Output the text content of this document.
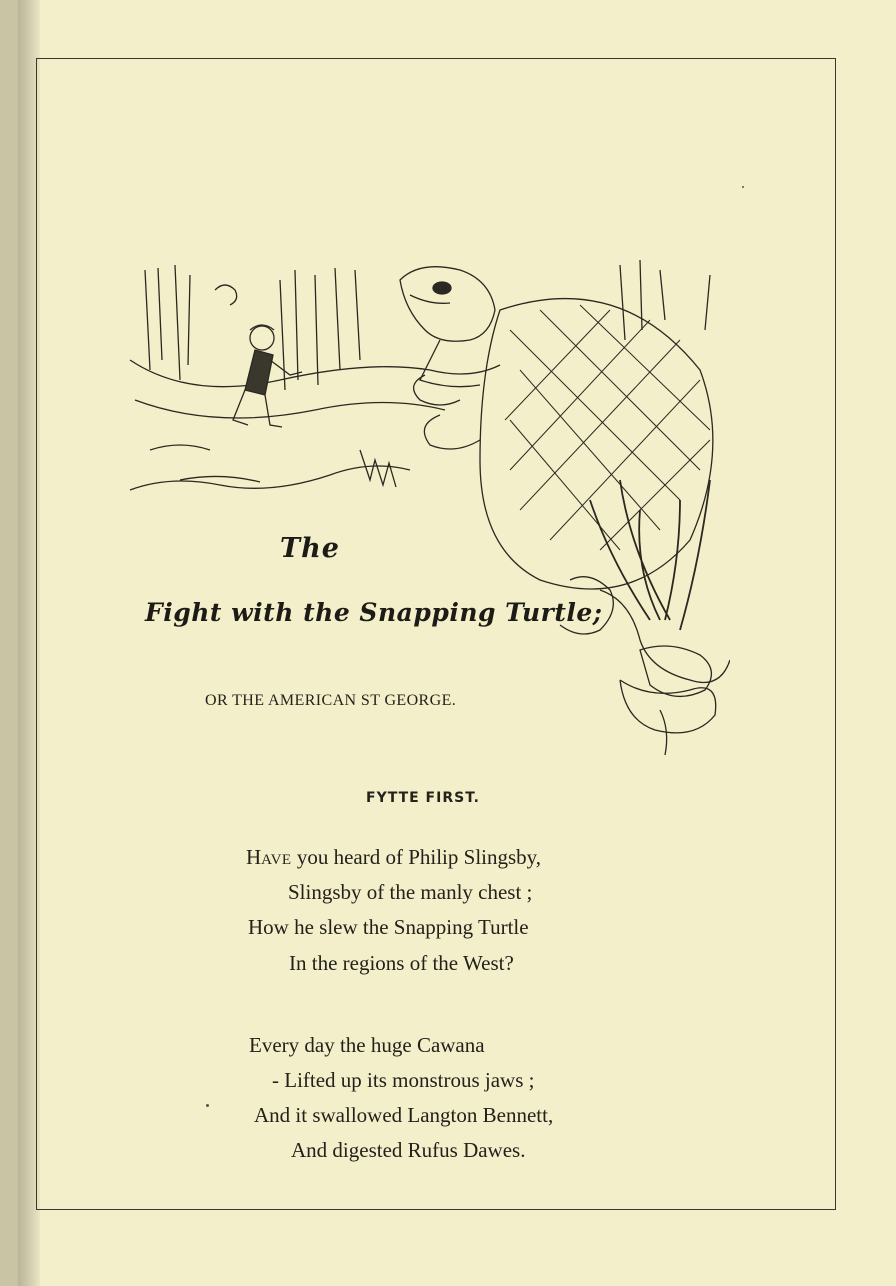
The
Fight with the Snapping Turtle;
OR THE AMERICAN ST GEORGE.
FYTTE FIRST.
HAVE you heard of Philip Slingsby,
Slingsby of the manly chest ;
How he slew the Snapping Turtle
In the regions of the West?
Every day the huge Cawana
- Lifted up its monstrous jaws ;
And it swallowed Langton Bennett,
And digested Rufus Dawes.
